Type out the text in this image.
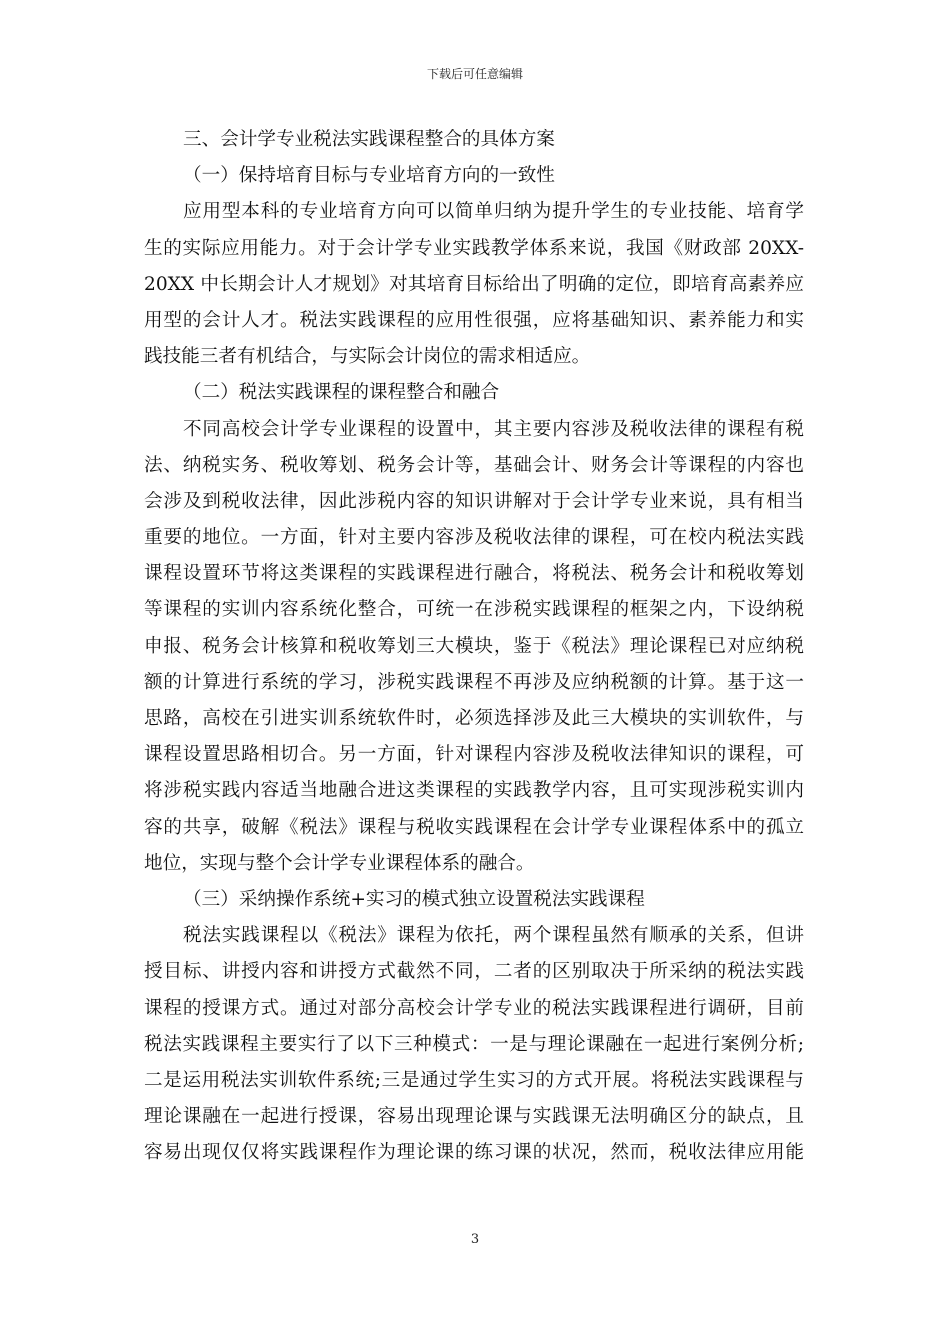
下载后可任意编辑
三、会计学专业税法实践课程整合的具体方案
（一）保持培育目标与专业培育方向的一致性
应用型本科的专业培育方向可以简单归纳为提升学生的专业技能、培育学
生的实际应用能力。对于会计学专业实践教学体系来说，我国《财政部 20XX-
20XX 中长期会计人才规划》对其培育目标给出了明确的定位，即培育高素养应
用型的会计人才。税法实践课程的应用性很强，应将基础知识、素养能力和实
践技能三者有机结合，与实际会计岗位的需求相适应。
（二）税法实践课程的课程整合和融合
不同高校会计学专业课程的设置中，其主要内容涉及税收法律的课程有税
法、纳税实务、税收筹划、税务会计等，基础会计、财务会计等课程的内容也
会涉及到税收法律，因此涉税内容的知识讲解对于会计学专业来说，具有相当
重要的地位。一方面，针对主要内容涉及税收法律的课程，可在校内税法实践
课程设置环节将这类课程的实践课程进行融合，将税法、税务会计和税收筹划
等课程的实训内容系统化整合，可统一在涉税实践课程的框架之内，下设纳税
申报、税务会计核算和税收筹划三大模块，鉴于《税法》理论课程已对应纳税
额的计算进行系统的学习，涉税实践课程不再涉及应纳税额的计算。基于这一
思路，高校在引进实训系统软件时，必须选择涉及此三大模块的实训软件，与
课程设置思路相切合。另一方面，针对课程内容涉及税收法律知识的课程，可
将涉税实践内容适当地融合进这类课程的实践教学内容，且可实现涉税实训内
容的共享，破解《税法》课程与税收实践课程在会计学专业课程体系中的孤立
地位，实现与整个会计学专业课程体系的融合。
（三）采纳操作系统+实习的模式独立设置税法实践课程
税法实践课程以《税法》课程为依托，两个课程虽然有顺承的关系，但讲
授目标、讲授内容和讲授方式截然不同，二者的区别取决于所采纳的税法实践
课程的授课方式。通过对部分高校会计学专业的税法实践课程进行调研，目前
税法实践课程主要实行了以下三种模式：一是与理论课融在一起进行案例分析;
二是运用税法实训软件系统;三是通过学生实习的方式开展。将税法实践课程与
理论课融在一起进行授课，容易出现理论课与实践课无法明确区分的缺点，且
容易出现仅仅将实践课程作为理论课的练习课的状况，然而，税收法律应用能
3
